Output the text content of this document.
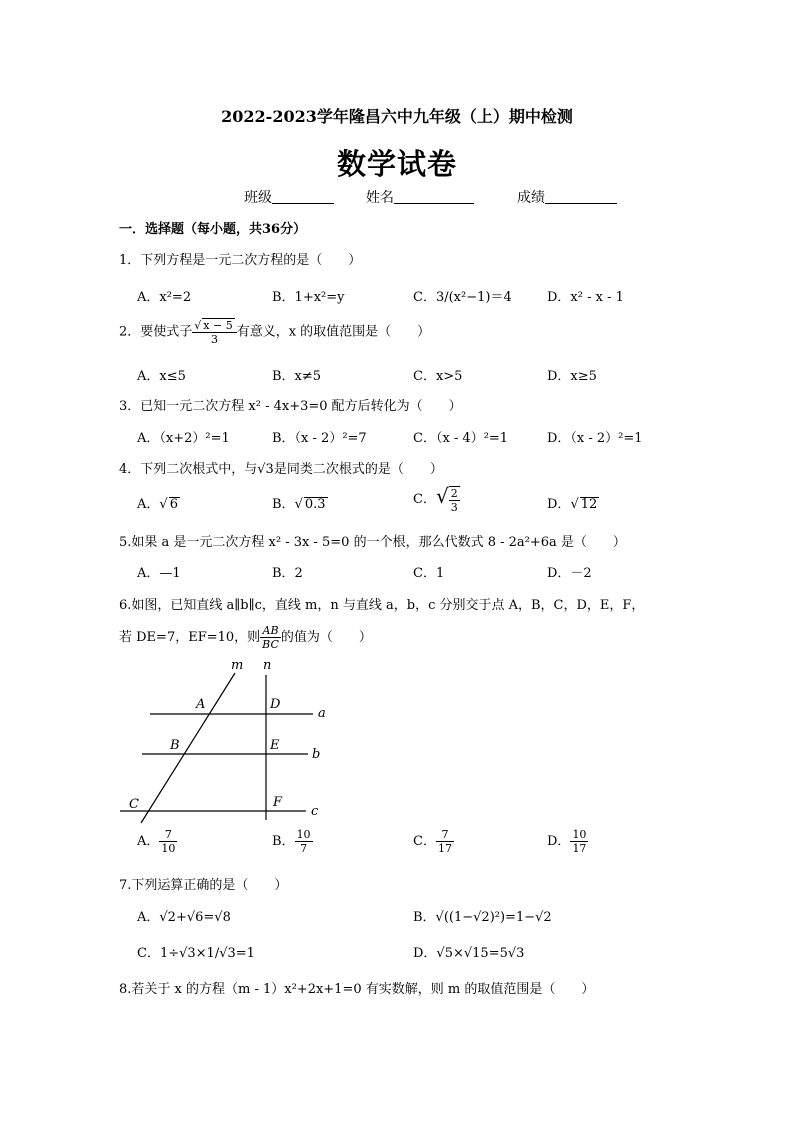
2022-2023学年隆昌六中九年级（上）期中检测
数学试卷
班级	姓名	成绩
一．选择题（每小题，共36分）
1．下列方程是一元二次方程的是（　　）
A．x²=2	B．1+x²=y	C．3/(x²−1)＝4	D．x² - x - 1
2．要使式子 $\frac{√ x - 5}{3}$ 有意义，x 的取值范围是（　　）
A．x≤5	B．x≠5	C．x>5	D．x≥5
3．已知一元二次方程 x² - 4x+3=0 配方后转化为（　　）
A．（x+2）²=1	B．（x - 2）²=7	C．（x - 4）²=1	D．（x - 2）²=1
4．下列二次根式中，与√3是同类二次根式的是（　　）
A．√ 6	B．√ 0.3	C．√ $\frac{2}{3}$	D．√ 12
5.如果 a 是一元二次方程 x² - 3x - 5=0 的一个根，那么代数式 8 - 2a²+6a 是（　　）
A．—1	B．2	C．1	D．－2
6.如图，已知直线 a∥b∥c，直线 m，n 与直线 a，b，c 分别交于点 A，B，C，D，E，F，
若 DE=7，EF=10，则 $\frac{AB}{BC}$ 的值为（　　）
m n
A	D
a
B	E
b
C	F
c
A． $\frac{7}{10}$	B． $\frac{10}{7}$	C． $\frac{7}{17}$	D． $\frac{10}{17}$
7.下列运算正确的是（　　）
A．√2+√6=√8	B．√((1−√2)²)=1−√2
C．1÷√3×1/√3=1	D．√5×√15=5√3
8.若关于 x 的方程（m - 1）x²+2x+1=0 有实数解，则 m 的取值范围是（　　）
